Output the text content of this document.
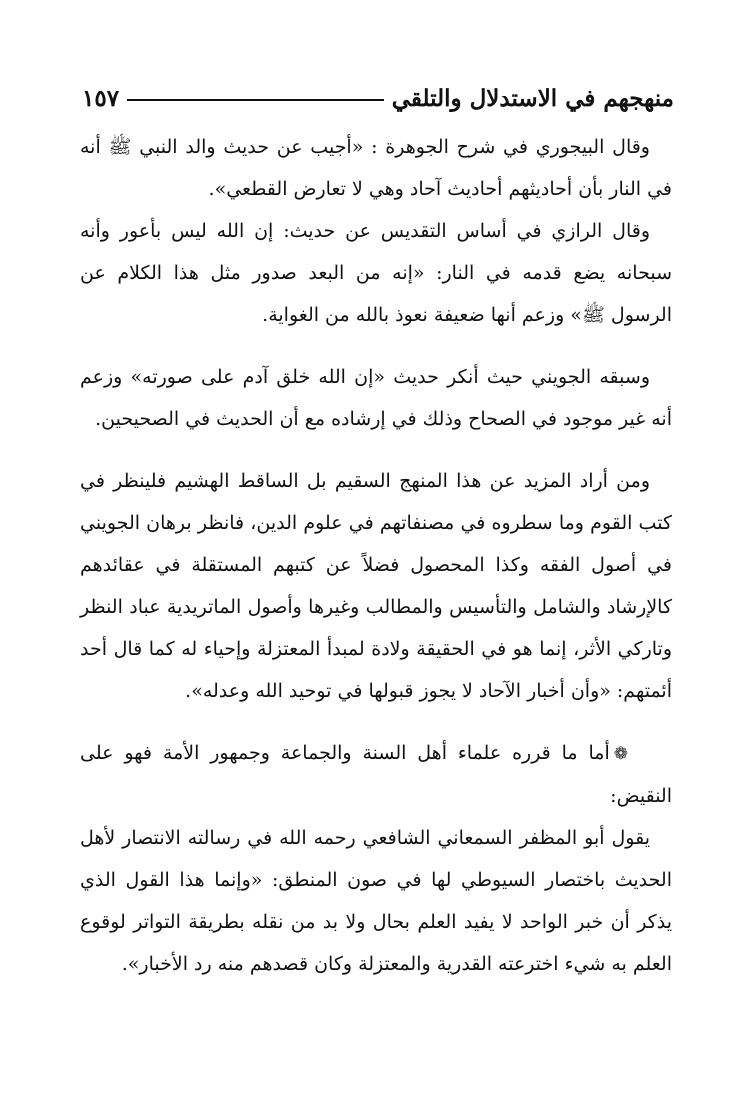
١٥٧	منهجهم في الاستدلال والتلقي

وقال البيجوري في شرح الجوهرة : «أجيب عن حديث والد النبي ﷺ أنه في النار بأن أحاديثهم أحاديث آحاد وهي لا تعارض القطعي».

وقال الرازي في أساس التقديس عن حديث: إن الله ليس بأعور وأنه سبحانه يضع قدمه في النار: «إنه من البعد صدور مثل هذا الكلام عن الرسول ﷺ» وزعم أنها ضعيفة نعوذ بالله من الغواية.

وسبقه الجويني حيث أنكر حديث «إن الله خلق آدم على صورته» وزعم أنه غير موجود في الصحاح وذلك في إرشاده مع أن الحديث في الصحيحين.

ومن أراد المزيد عن هذا المنهج السقيم بل الساقط الهشيم فلينظر في كتب القوم وما سطروه في مصنفاتهم في علوم الدين، فانظر برهان الجويني في أصول الفقه وكذا المحصول فضلاً عن كتبهم المستقلة في عقائدهم كالإرشاد والشامل والتأسيس والمطالب وغيرها وأصول الماتريدية عباد النظر وتاركي الأثر، إنما هو في الحقيقة ولادة لمبدأ المعتزلة وإحياء له كما قال أحد أئمتهم: «وأن أخبار الآحاد لا يجوز قبولها في توحيد الله وعدله».

❁أما ما قرره علماء أهل السنة والجماعة وجمهور الأمة فهو على النقيض:

يقول أبو المظفر السمعاني الشافعي رحمه الله في رسالته الانتصار لأهل الحديث باختصار السيوطي لها في صون المنطق: «وإنما هذا القول الذي يذكر أن خبر الواحد لا يفيد العلم بحال ولا بد من نقله بطريقة التواتر لوقوع العلم به شيء اخترعته القدرية والمعتزلة وكان قصدهم منه رد الأخبار».
